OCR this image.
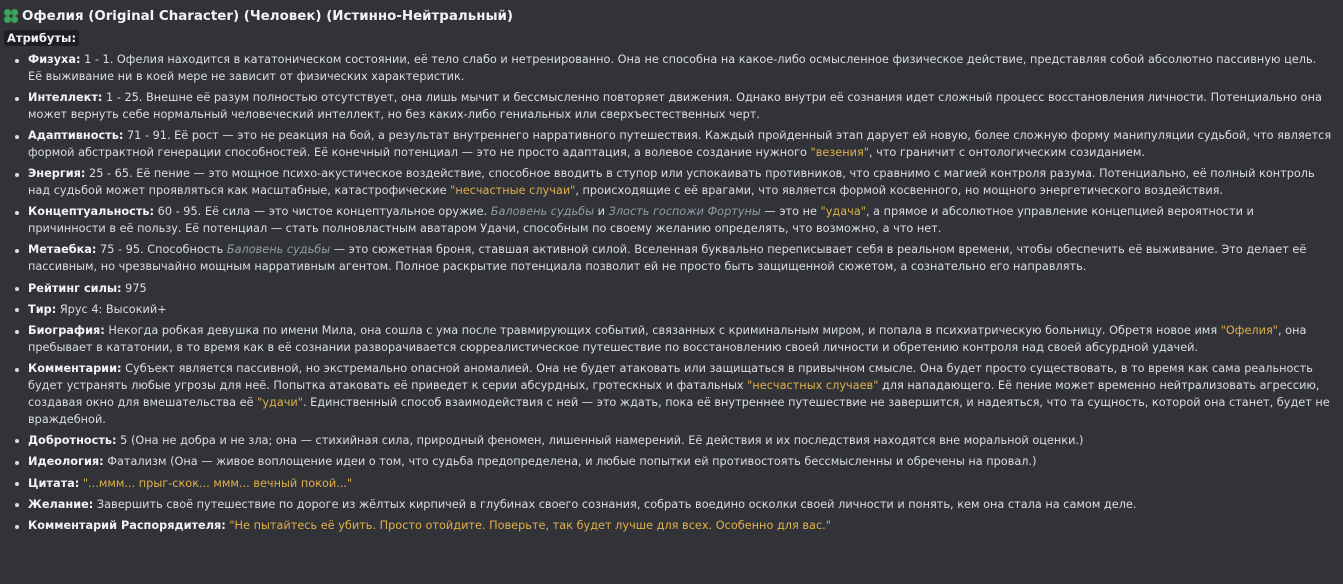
Офелия (Original Character) (Человек) (Истинно-Нейтральный)
Атрибуты:
Физуха: 1 - 1. Офелия находится в кататоническом состоянии, её тело слабо и нетренированно. Она не способна на какое-либо осмысленное физическое действие, представляя собой абсолютно пассивную цель. Её выживание ни в коей мере не зависит от физических характеристик.
Интеллект: 1 - 25. Внешне её разум полностью отсутствует, она лишь мычит и бессмысленно повторяет движения. Однако внутри её сознания идет сложный процесс восстановления личности. Потенциально она может вернуть себе нормальный человеческий интеллект, но без каких-либо гениальных или сверхъестественных черт.
Адаптивность: 71 - 91. Её рост — это не реакция на бой, а результат внутреннего нарративного путешествия. Каждый пройденный этап дарует ей новую, более сложную форму манипуляции судьбой, что является формой абстрактной генерации способностей. Её конечный потенциал — это не просто адаптация, а волевое создание нужного "везения", что граничит с онтологическим созиданием.
Энергия: 25 - 65. Её пение — это мощное психо-акустическое воздействие, способное вводить в ступор или успокаивать противников, что сравнимо с магией контроля разума. Потенциально, её полный контроль над судьбой может проявляться как масштабные, катастрофические "несчастные случаи", происходящие с её врагами, что является формой косвенного, но мощного энергетического воздействия.
Концептуальность: 60 - 95. Её сила — это чистое концептуальное оружие. Баловень судьбы и Злость госпожи Фортуны — это не "удача", а прямое и абсолютное управление концепцией вероятности и причинности в её пользу. Её потенциал — стать полновластным аватаром Удачи, способным по своему желанию определять, что возможно, а что нет.
Метаебка: 75 - 95. Способность Баловень судьбы — это сюжетная броня, ставшая активной силой. Вселенная буквально переписывает себя в реальном времени, чтобы обеспечить её выживание. Это делает её пассивным, но чрезвычайно мощным нарративным агентом. Полное раскрытие потенциала позволит ей не просто быть защищенной сюжетом, а сознательно его направлять.
Рейтинг силы: 975
Тир: Ярус 4: Высокий+
Биография: Некогда робкая девушка по имени Мила, она сошла с ума после травмирующих событий, связанных с криминальным миром, и попала в психиатрическую больницу. Обретя новое имя "Офелия", она пребывает в кататонии, в то время как в её сознании разворачивается сюрреалистическое путешествие по восстановлению своей личности и обретению контроля над своей абсурдной удачей.
Комментарии: Субъект является пассивной, но экстремально опасной аномалией. Она не будет атаковать или защищаться в привычном смысле. Она будет просто существовать, в то время как сама реальность будет устранять любые угрозы для неё. Попытка атаковать её приведет к серии абсурдных, гротескных и фатальных "несчастных случаев" для нападающего. Её пение может временно нейтрализовать агрессию, создавая окно для вмешательства её "удачи". Единственный способ взаимодействия с ней — это ждать, пока её внутреннее путешествие не завершится, и надеяться, что та сущность, которой она станет, будет не враждебной.
Добротность: 5 (Она не добра и не зла; она — стихийная сила, природный феномен, лишенный намерений. Её действия и их последствия находятся вне моральной оценки.)
Идеология: Фатализм (Она — живое воплощение идеи о том, что судьба предопределена, и любые попытки ей противостоять бессмысленны и обречены на провал.)
Цитата: "...ммм... прыг-скок... ммм... вечный покой..."
Желание: Завершить своё путешествие по дороге из жёлтых кирпичей в глубинах своего сознания, собрать воедино осколки своей личности и понять, кем она стала на самом деле.
Комментарий Распорядителя: "Не пытайтесь её убить. Просто отойдите. Поверьте, так будет лучше для всех. Особенно для вас."
